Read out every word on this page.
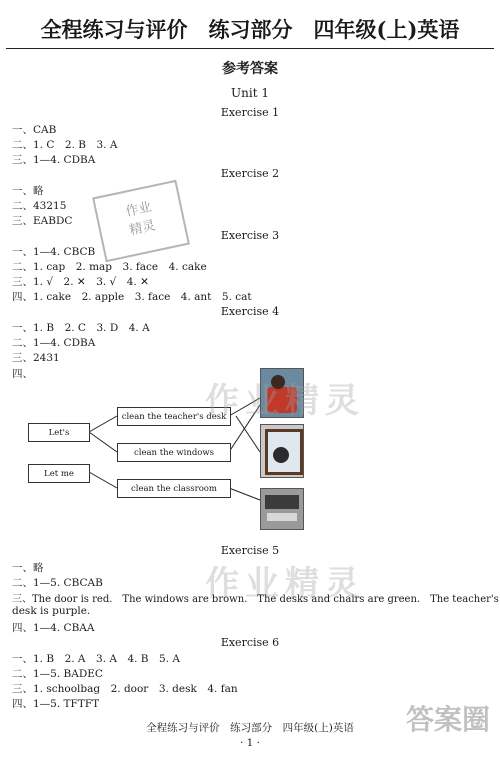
全程练习与评价　练习部分　四年级(上)英语
参考答案
Unit 1
Exercise 1
一、CAB
二、1. C　2. B　3. A
三、1—4. CDBA
Exercise 2
一、略
二、43215
三、EABDC
作业
精灵	Exercise 3
一、1—4. CBCB
二、1. cap　2. map　3. face　4. cake
三、1. √　2. ✕　3. √　4. ✕
四、1. cake　2. apple　3. face　4. ant　5. cat
Exercise 4
一、1. B　2. C　3. D　4. A
二、1—4. CDBA
三、2431
四、
Let's
Let me
clean the teacher's desk
clean the windows
clean the classroom
作业精灵
作业精灵
Exercise 5
一、略
二、1—5. CBCAB
三、The door is red.　The windows are brown.　The desks and chairs are green.　The teacher's
desk is purple.
四、1—4. CBAA
Exercise 6
一、1. B　2. A　3. A　4. B　5. A
二、1—5. BADEC
三、1. schoolbag　2. door　3. desk　4. fan
四、1—5. TFTFT	答案圈
全程练习与评价　练习部分　四年级(上)英语
· 1 ·
